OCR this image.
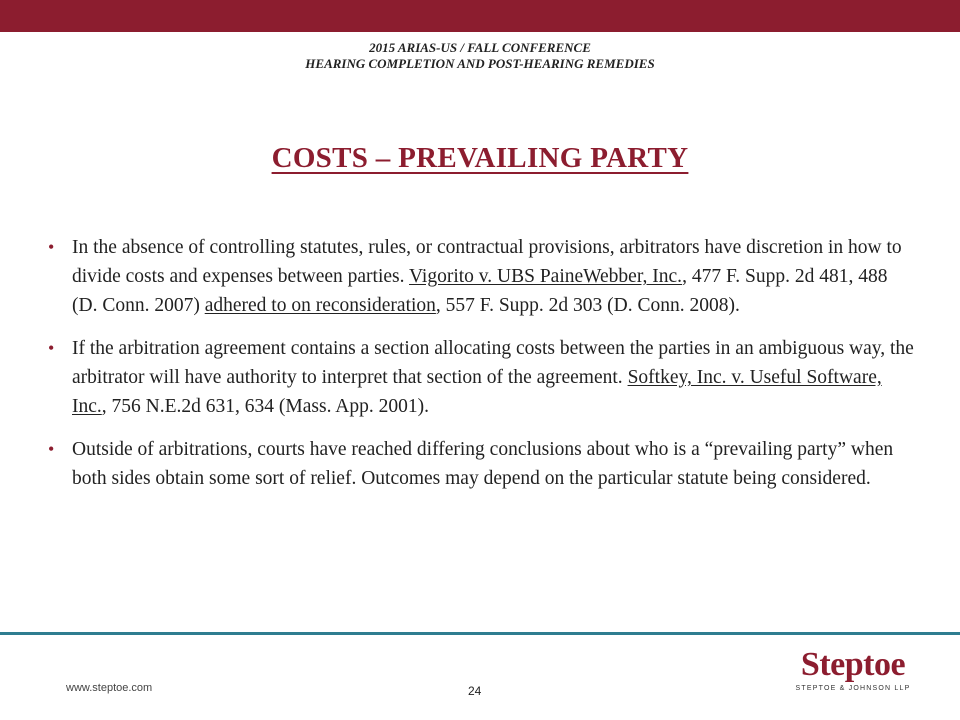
2015 ARIAS-US / FALL CONFERENCE
HEARING COMPLETION AND POST-HEARING REMEDIES
COSTS – PREVAILING PARTY
• In the absence of controlling statutes, rules, or contractual provisions, arbitrators have discretion in how to divide costs and expenses between parties. Vigorito v. UBS PaineWebber, Inc., 477 F. Supp. 2d 481, 488 (D. Conn. 2007) adhered to on reconsideration, 557 F. Supp. 2d 303 (D. Conn. 2008).
• If the arbitration agreement contains a section allocating costs between the parties in an ambiguous way, the arbitrator will have authority to interpret that section of the agreement. Softkey, Inc. v. Useful Software, Inc., 756 N.E.2d 631, 634 (Mass. App. 2001).
• Outside of arbitrations, courts have reached differing conclusions about who is a “prevailing party” when both sides obtain some sort of relief. Outcomes may depend on the particular statute being considered.
www.steptoe.com	24
Steptoe
STEPTOE & JOHNSON LLP
